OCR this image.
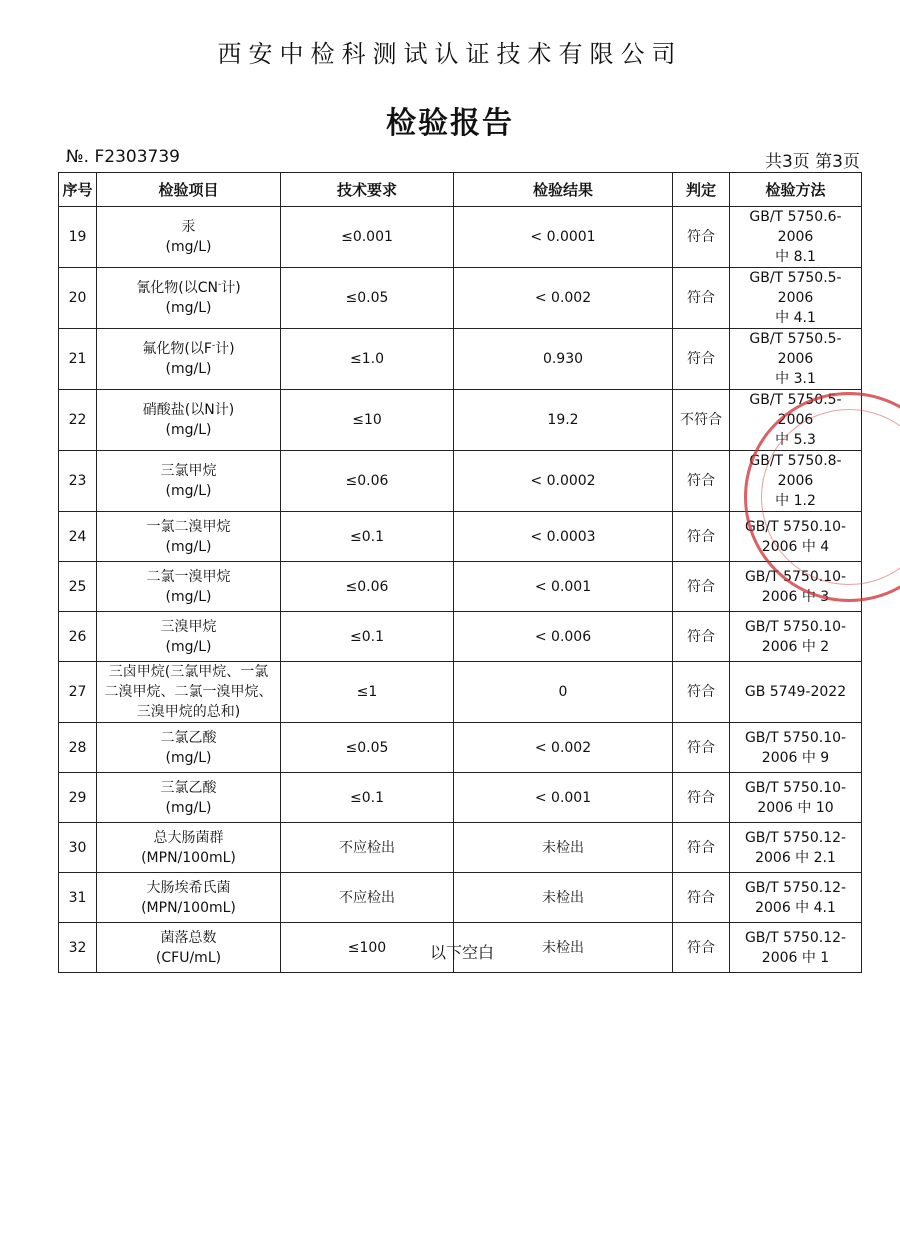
西安中检科测试认证技术有限公司
检验报告
№. F2303739	共3页 第3页
序号	检验项目	技术要求	检验结果	判定	检验方法
19	汞
(mg/L)	≤0.001	< 0.0001	符合	GB/T 5750.6-2006
中 8.1

20	氰化物(以CN-计)
(mg/L)	≤0.05	< 0.002	符合	GB/T 5750.5-2006
中 4.1

21	氟化物(以F-计)
(mg/L)	≤1.0	0.930	符合	GB/T 5750.5-2006
中 3.1

22	硝酸盐(以N计)
(mg/L)	≤10	19.2	不符合	GB/T 5750.5-2006
中 5.3

23	三氯甲烷
(mg/L)	≤0.06	< 0.0002	符合	GB/T 5750.8-2006
中 1.2

24	一氯二溴甲烷
(mg/L)	≤0.1	< 0.0003	符合	GB/T 5750.10-
2006 中 4

25	二氯一溴甲烷
(mg/L)	≤0.06	< 0.001	符合	GB/T 5750.10-
2006 中 3

26	三溴甲烷
(mg/L)	≤0.1	< 0.006	符合	GB/T 5750.10-
2006 中 2

27	三卤甲烷(三氯甲烷、一氯
二溴甲烷、二氯一溴甲烷、
三溴甲烷的总和)	≤1	0	符合	GB 5749-2022

28	二氯乙酸
(mg/L)	≤0.05	< 0.002	符合	GB/T 5750.10-
2006 中 9

29	三氯乙酸
(mg/L)	≤0.1	< 0.001	符合	GB/T 5750.10-
2006 中 10

30	总大肠菌群
(MPN/100mL)	不应检出	未检出	符合	GB/T 5750.12-
2006 中 2.1

31	大肠埃希氏菌
(MPN/100mL)	不应检出	未检出	符合	GB/T 5750.12-
2006 中 4.1

32	菌落总数
(CFU/mL)	≤100	未检出	符合	GB/T 5750.12-
2006 中 1
以下空白
